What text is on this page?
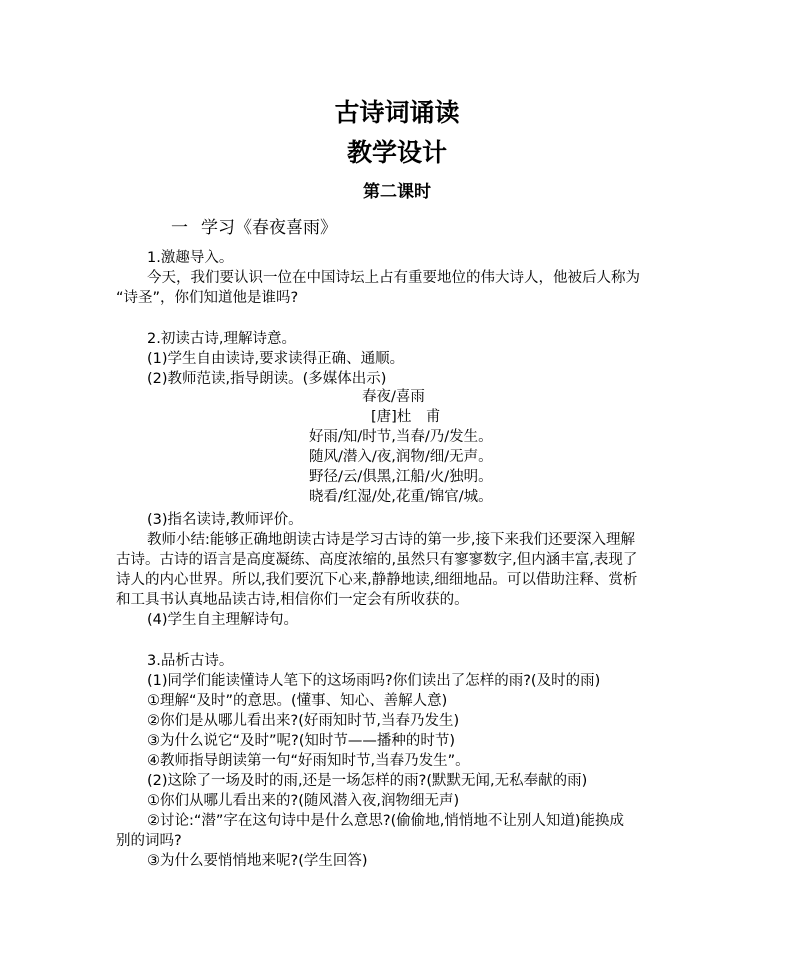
古诗词诵读
教学设计
第二课时
一 学习《春夜喜雨》
1.激趣导入。
今天，我们要认识一位在中国诗坛上占有重要地位的伟大诗人，他被后人称为
“诗圣”，你们知道他是谁吗?
2.初读古诗,理解诗意。
(1)学生自由读诗,要求读得正确、通顺。
(2)教师范读,指导朗读。(多媒体出示)
(3)指名读诗,教师评价。
教师小结:能够正确地朗读古诗是学习古诗的第一步,接下来我们还要深入理解
古诗。古诗的语言是高度凝练、高度浓缩的,虽然只有寥寥数字,但内涵丰富,表现了
诗人的内心世界。所以,我们要沉下心来,静静地读,细细地品。可以借助注释、赏析
和工具书认真地品读古诗,相信你们一定会有所收获的。
(4)学生自主理解诗句。
3.品析古诗。
(1)同学们能读懂诗人笔下的这场雨吗?你们读出了怎样的雨?(及时的雨)
①理解“及时”的意思。(懂事、知心、善解人意)
②你们是从哪儿看出来?(好雨知时节,当春乃发生)
③为什么说它“及时”呢?(知时节——播种的时节)
④教师指导朗读第一句“好雨知时节,当春乃发生”。
(2)这除了一场及时的雨,还是一场怎样的雨?(默默无闻,无私奉献的雨)
①你们从哪儿看出来的?(随风潜入夜,润物细无声)
②讨论:“潜”字在这句诗中是什么意思?(偷偷地,悄悄地不让别人知道)能换成
别的词吗?
③为什么要悄悄地来呢?(学生回答)
春夜/喜雨
[唐]杜　甫
好雨/知/时节,当春/乃/发生。
随风/潜入/夜,润物/细/无声。
野径/云/俱黑,江船/火/独明。
晓看/红湿/处,花重/锦官/城。
